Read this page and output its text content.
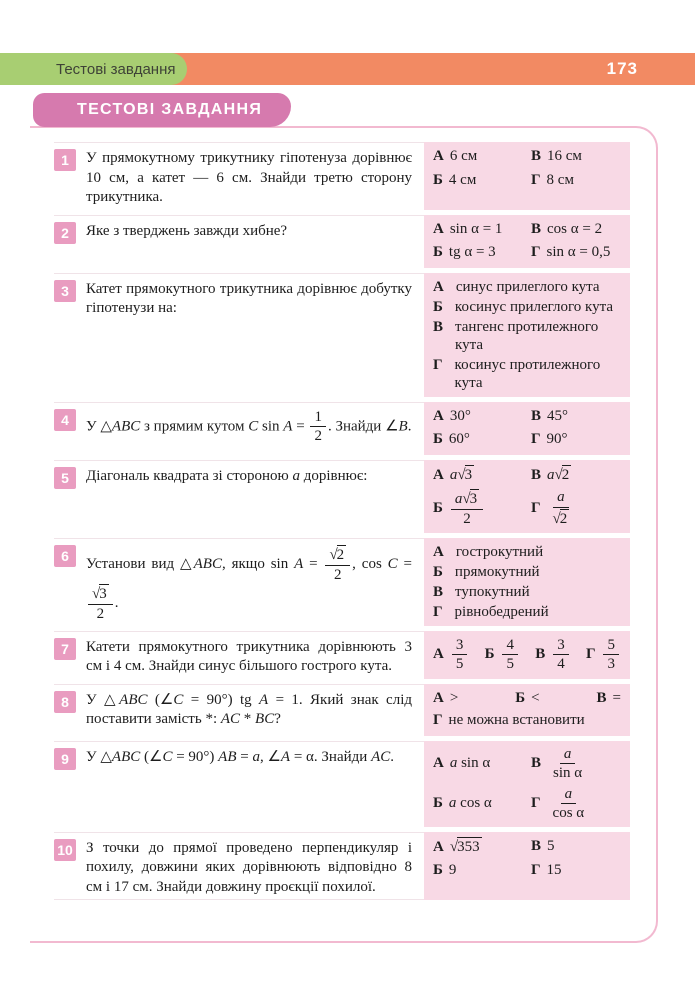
Тестові завдання	173
ТЕСТОВІ ЗАВДАННЯ
1	У прямокутному трикутнику гіпотенуза дорівнює 10 см, а катет — 6 см. Знайди третю сторону трикутника.
А 6 см
Б 4 см
В 16 см
Г 8 см
2	Яке з тверджень завжди хибне?	А sin α = 1
Б tg α = 3
В cos α = 2
Г sin α = 0,5
3	Катет прямокутного трикутника дорівнює добутку гіпотенузи на:
А синус прилеглого кута
Б косинус прилеглого кута
В тангенс протилежного кута
Г косинус протилежного кута
4	У △ABC з прямим кутом C $\sin A = \frac{1}{2}$ . Знайди ∠B.
А 30°
Б 60°
В 45°
Г 90°
5	Діагональ квадрата зі стороною a дорівнює:	А a√3
Б $\frac{a√3}{2}$
В a√2
Г $\frac{a}{√2}$
6	Установи вид △ABC, якщо $\sin A = \frac{√2}{2}$ , cos C =
$\frac{√3}{2}$ .
А гострокутний
Б прямокутний
В тупокутний
Г рівнобедрений
7	Катети прямокутного трикутника дорівнюють 3 см і 4 см. Знайди синус більшого гострого кута.
А $\frac{3}{5}$ Б $\frac{4}{5}$ В $\frac{3}{4}$ Г $\frac{5}{3}$
8	У △ABC (∠C = 90°) tg A = 1. Який знак слід поставити замість *: AC * BC?
А >	Б <	В =
Г не можна встановити
9	У △ABC (∠C = 90°) AB = a, ∠A = α. Знайди AC.	А a sin α
Б a cos α
В $\frac{a}{\text{sin α}}$
Г $\frac{a}{\text{cos α}}$
10 З точки до прямої проведено перпендикуляр і похилу, довжини яких дорівнюють відповідно 8 см і 17 см. Знайди довжину проєкції похилої.
А √353
Б 9
В 5
Г 15
